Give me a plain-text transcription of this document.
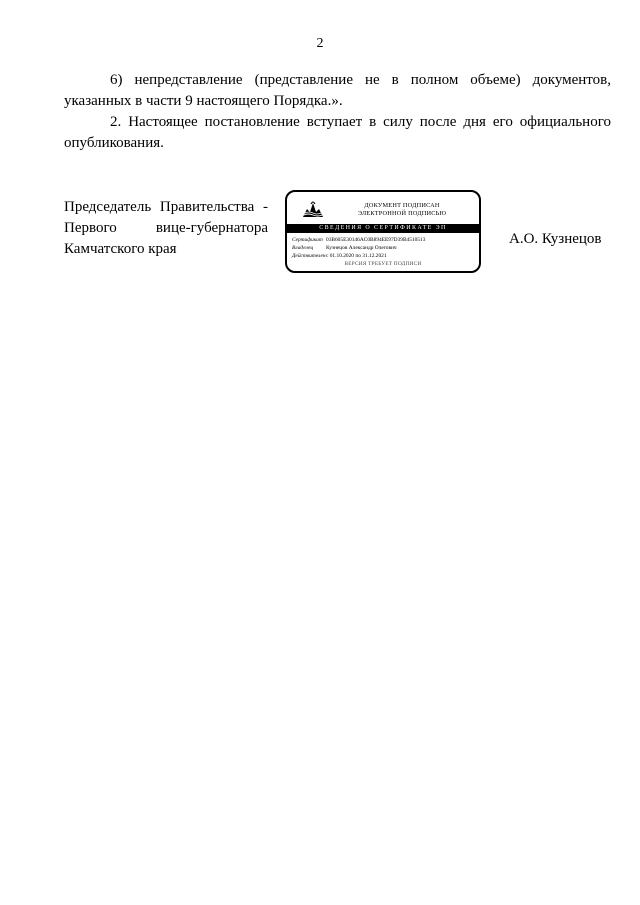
2

6) непредставление (представление не в полном объеме) документов, указанных в части 9 настоящего Порядка.».

2. Настоящее постановление вступает в силу после дня его официального опубликования.

Председатель Правительства -
Первого вице-губернатора
Камчатского края
ДОКУМЕНТ ПОДПИСАН
ЭЛЕКТРОННОЙ ПОДПИСЬЮ
СВЕДЕНИЯ О СЕРТИФИКАТЕ ЭП
Сертификат 03B605E30146AC0B894EE97D39B4510513
Владелец	Кузнецов Александр Олегович
Действителен с 01.10.2020 по 31.12.2021
ВЕРСИЯ ТРЕБУЕТ ПОДПИСИ
А.О. Кузнецов
